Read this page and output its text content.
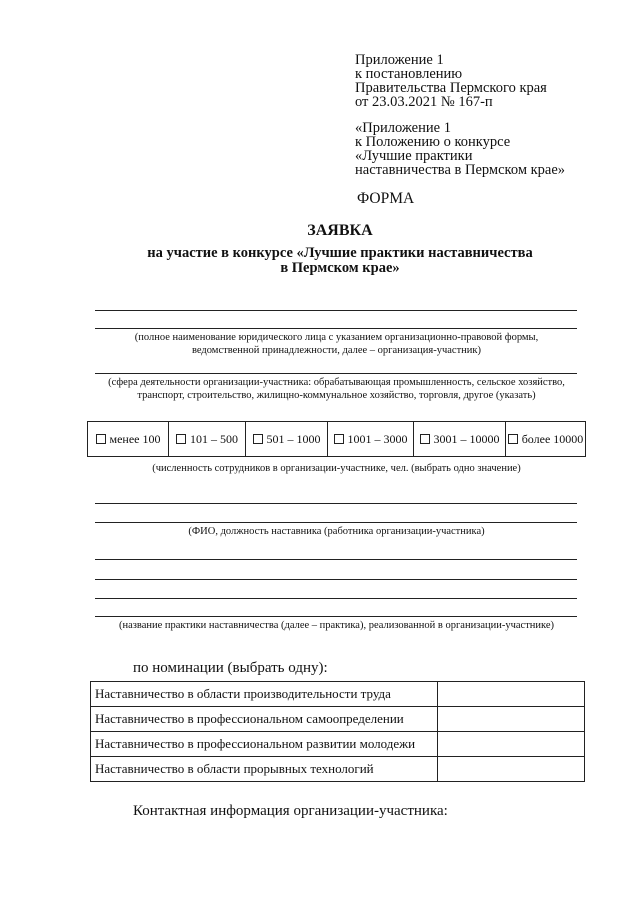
Приложение 1
к постановлению
Правительства Пермского края
от 23.03.2021 № 167-п
«Приложение 1
к Положению о конкурсе
«Лучшие практики
наставничества в Пермском крае»
ФОРМА
ЗАЯВКА
на участие в конкурсе «Лучшие практики наставничества
в Пермском крае»
(полное наименование юридического лица с указанием организационно-правовой формы,
ведомственной принадлежности, далее – организация-участник)
(сфера деятельности организации-участника: обрабатывающая промышленность, сельское хозяйство,
транспорт, строительство, жилищно-коммунальное хозяйство, торговля, другое (указать)
менее 100 101 – 500 501 – 1000 1001 – 3000 3001 – 10000 более 10000
(численность сотрудников в организации-участнике, чел. (выбрать одно значение)
(ФИО, должность наставника (работника организации-участника)
(название практики наставничества (далее – практика), реализованной в организации-участнике)
по номинации (выбрать одну):
Наставничество в области производительности труда
Наставничество в профессиональном самоопределении
Наставничество в профессиональном развитии молодежи
Наставничество в области прорывных технологий
Контактная информация организации-участника:
